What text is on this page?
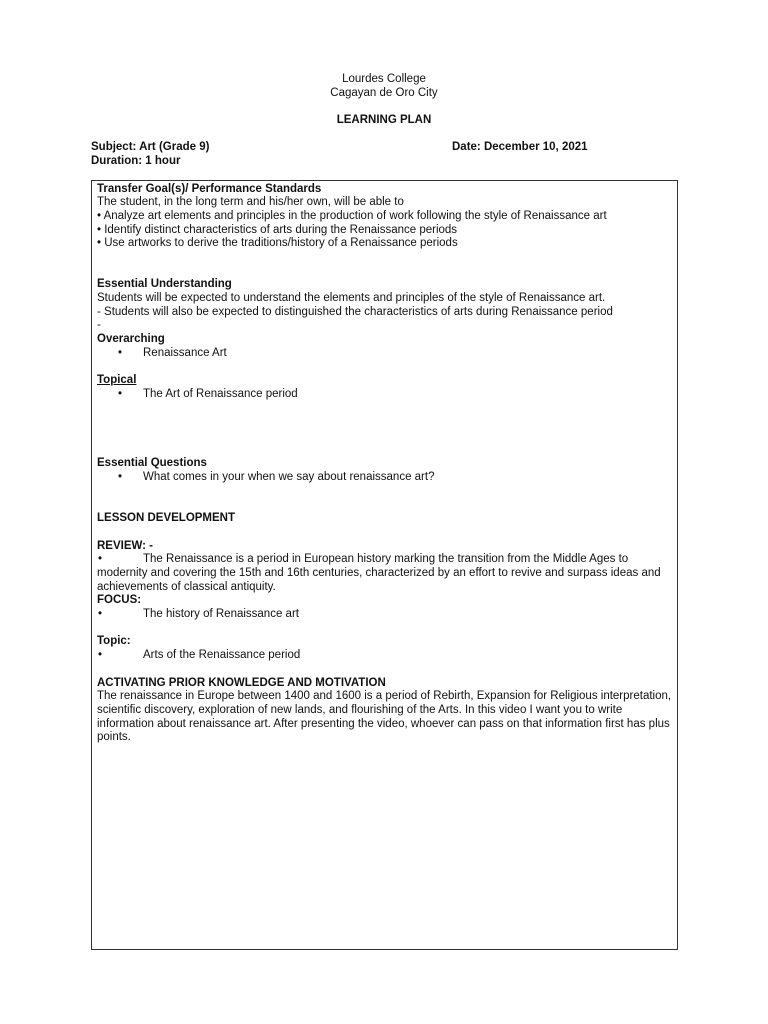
Lourdes College
Cagayan de Oro City
LEARNING PLAN
Subject: Art (Grade 9)	Date: December 10, 2021
Duration: 1 hour
Transfer Goal(s)/ Performance Standards
The student, in the long term and his/her own, will be able to
• Analyze art elements and principles in the production of work following the style of Renaissance art
• Identify distinct characteristics of arts during the Renaissance periods
• Use artworks to derive the traditions/history of a Renaissance periods
Essential Understanding
Students will be expected to understand the elements and principles of the style of Renaissance art.
- Students will also be expected to distinguished the characteristics of arts during Renaissance period
-
Overarching
• Renaissance Art
Topical
• The Art of Renaissance period
Essential Questions
• What comes in your when we say about renaissance art?
LESSON DEVELOPMENT
REVIEW: -
•	The Renaissance is a period in European history marking the transition from the Middle Ages to modernity and covering the 15th and 16th centuries, characterized by an effort to revive and surpass ideas and achievements of classical antiquity.
FOCUS:
•	The history of Renaissance art
Topic:
•	Arts of the Renaissance period
ACTIVATING PRIOR KNOWLEDGE AND MOTIVATION
The renaissance in Europe between 1400 and 1600 is a period of Rebirth, Expansion for Religious interpretation, scientific discovery, exploration of new lands, and flourishing of the Arts. In this video I want you to write information about renaissance art. After presenting the video, whoever can pass on that information first has plus points.
